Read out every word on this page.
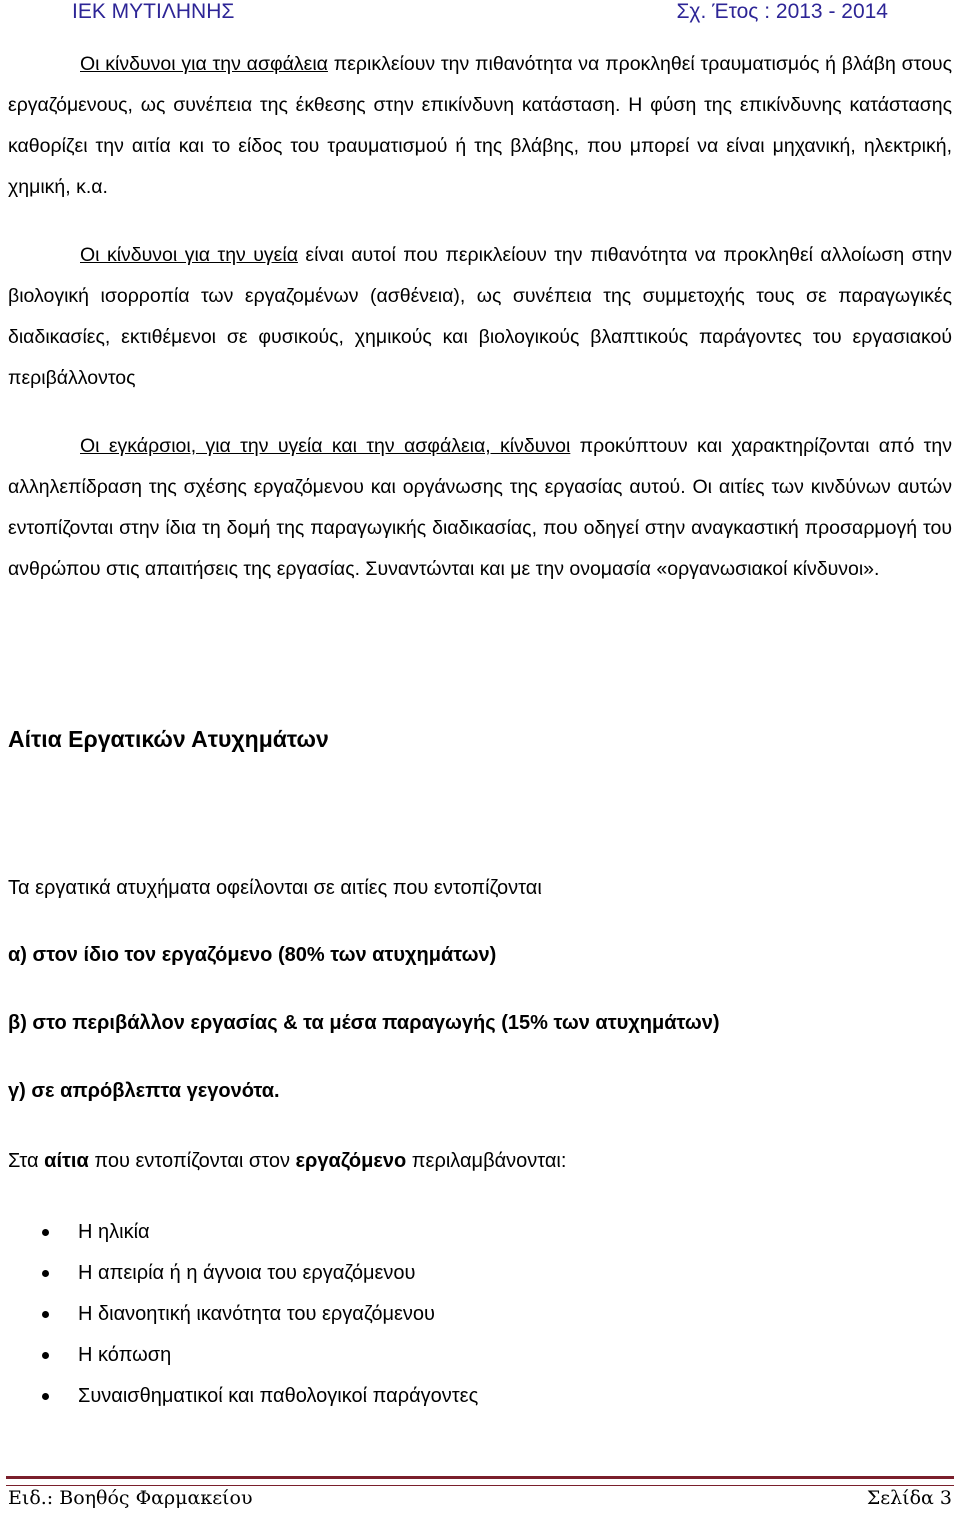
ΙΕΚ ΜΥΤΙΛΗΝΗΣ	Σχ. Έτος : 2013 - 2014

Οι κίνδυνοι για την ασφάλεια περικλείουν την πιθανότητα να προκληθεί τραυματισμός ή βλάβη στους εργαζόμενους, ως συνέπεια της έκθεσης στην επικίνδυνη κατάσταση. Η φύση της επικίνδυνης κατάστασης καθορίζει την αιτία και το είδος του τραυματισμού ή της βλάβης, που μπορεί να είναι μηχανική, ηλεκτρική, χημική, κ.α.

Οι κίνδυνοι για την υγεία είναι αυτοί που περικλείουν την πιθανότητα να προκληθεί αλλοίωση στην βιολογική ισορροπία των εργαζομένων (ασθένεια), ως συνέπεια της συμμετοχής τους σε παραγωγικές διαδικασίες, εκτιθέμενοι σε φυσικούς, χημικούς και βιολογικούς βλαπτικούς παράγοντες του εργασιακού περιβάλλοντος

Οι εγκάρσιοι, για την υγεία και την ασφάλεια, κίνδυνοι προκύπτουν και χαρακτηρίζονται από την αλληλεπίδραση της σχέσης εργαζόμενου και οργάνωσης της εργασίας αυτού. Οι αιτίες των κινδύνων αυτών εντοπίζονται στην ίδια τη δομή της παραγωγικής διαδικασίας, που οδηγεί στην αναγκαστική προσαρμογή του ανθρώπου στις απαιτήσεις της εργασίας. Συναντώνται και με την ονομασία «οργανωσιακοί κίνδυνοι».

Αίτια Εργατικών Ατυχημάτων

Τα εργατικά ατυχήματα οφείλονται σε αιτίες που εντοπίζονται

α) στον ίδιο τον εργαζόμενο (80% των ατυχημάτων)

β) στο περιβάλλον εργασίας & τα μέσα παραγωγής (15% των ατυχημάτων)

γ) σε απρόβλεπτα γεγονότα.

Στα αίτια που εντοπίζονται στον εργαζόμενο περιλαμβάνονται:

Η ηλικία
Η απειρία ή η άγνοια του εργαζόμενου
Η διανοητική ικανότητα του εργαζόμενου
Η κόπωση
Συναισθηματικοί και παθολογικοί παράγοντες
Ειδ.: Βοηθός Φαρμακείου	Σελίδα 3
